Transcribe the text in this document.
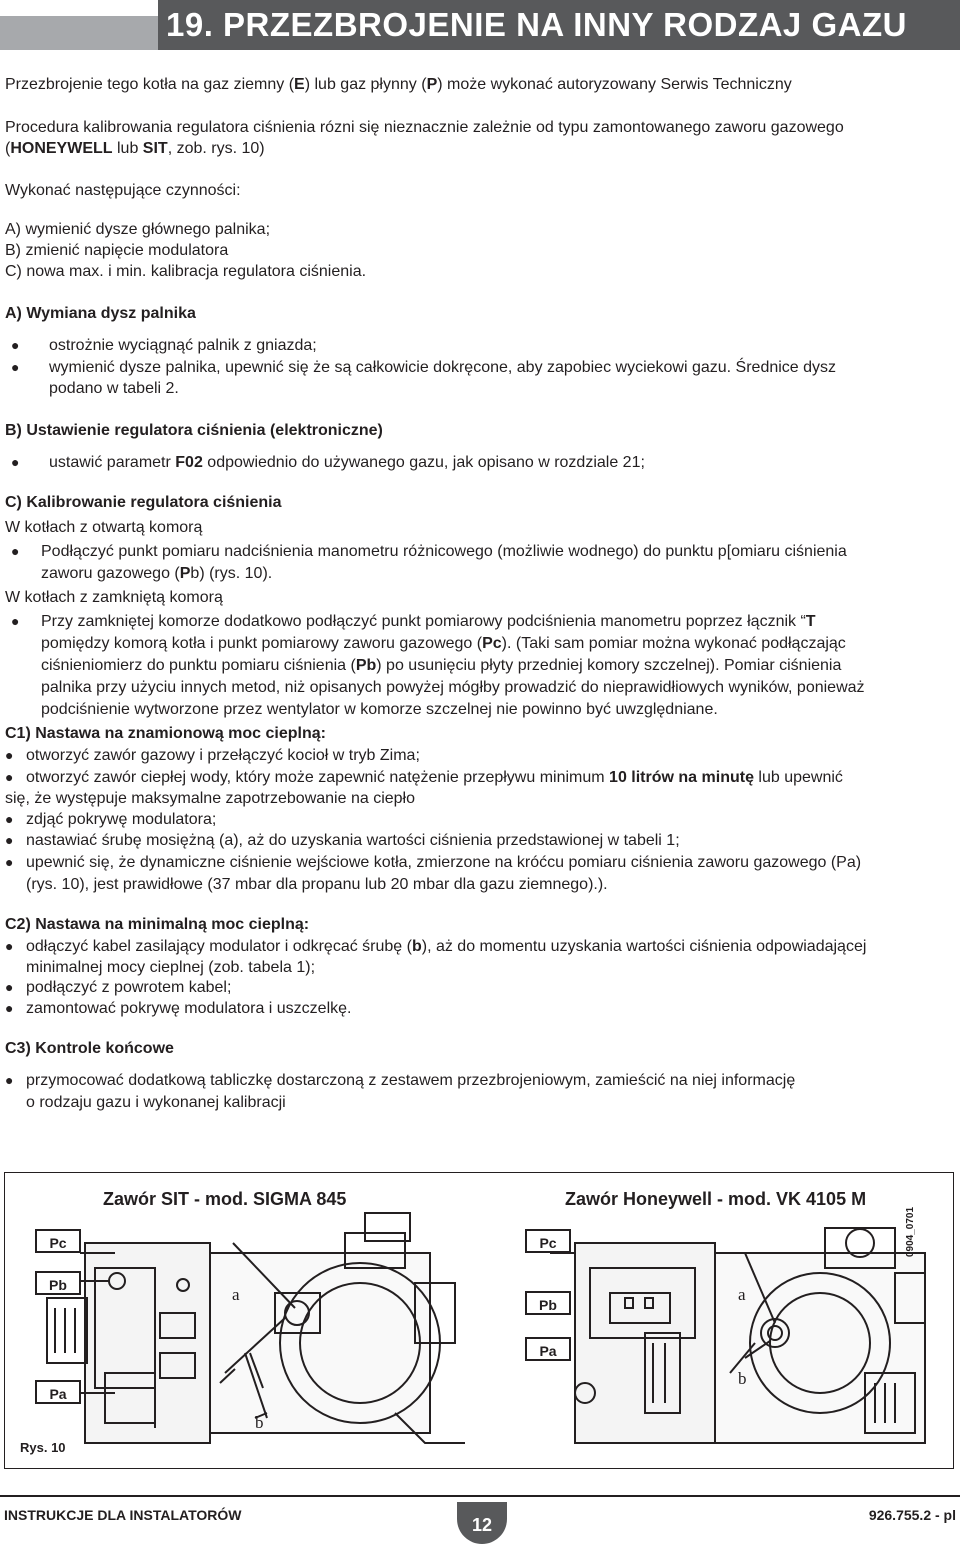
19. PRZEZBROJENIE NA INNY RODZAJ GAZU

Przezbrojenie tego kotła na gaz ziemny (E) lub gaz płynny (P) może wykonać autoryzowany Serwis Techniczny

Procedura kalibrowania regulatora ciśnienia rózni się nieznacznie zależnie od typu zamontowanego zaworu gazowego

(HONEYWELL lub SIT, zob. rys. 10)

Wykonać następujące czynności:

A) wymienić dysze głównego palnika;

B) zmienić napięcie modulatora

C) nowa max. i min. kalibracja regulatora ciśnienia.

A) Wymiana dysz palnika

● ostrożnie wyciągnąć palnik z gniazda;

● wymienić dysze palnika, upewnić się że są całkowicie dokręcone, aby zapobiec wyciekowi gazu. Średnice dysz

podano w tabeli 2.

B) Ustawienie regulatora ciśnienia (elektroniczne)

● ustawić parametr F02 odpowiednio do używanego gazu, jak opisano w rozdziale 21;

C) Kalibrowanie regulatora ciśnienia

W kotłach z otwartą komorą

● Podłączyć punkt pomiaru nadciśnienia manometru różnicowego (możliwie wodnego) do punktu p[omiaru ciśnienia

zaworu gazowego (Pb) (rys. 10).

W kotłach z zamkniętą komorą

● Przy zamkniętej komorze dodatkowo podłączyć punkt pomiarowy podciśnienia manometru poprzez łącznik “T

pomiędzy komorą kotła i punkt pomiarowy zaworu gazowego (Pc). (Taki sam pomiar można wykonać podłączając

ciśnieniomierz do punktu pomiaru ciśnienia (Pb) po usunięciu płyty przedniej komory szczelnej). Pomiar ciśnienia

palnika przy użyciu innych metod, niż opisanych powyżej mógłby prowadzić do nieprawidłiowych wyników, ponieważ

podciśnienie wytworzone przez wentylator w komorze szczelnej nie powinno być uwzględniane.

C1) Nastawa na znamionową moc cieplną:

● otworzyć zawór gazowy i przełączyć kocioł w tryb Zima;

● otworzyć zawór ciepłej wody, który może zapewnić natężenie przepływu minimum 10 litrów na minutę lub upewnić

się, że występuje maksymalne zapotrzebowanie na ciepło

● zdjąć pokrywę modulatora;

● nastawiać śrubę mosiężną (a), aż do uzyskania wartości ciśnienia przedstawionej w tabeli 1;

● upewnić się, że dynamiczne ciśnienie wejściowe kotła, zmierzone na króćcu pomiaru ciśnienia zaworu gazowego (Pa)

(rys. 10), jest prawidłowe (37 mbar dla propanu lub 20 mbar dla gazu ziemnego).).

C2) Nastawa na minimalną moc cieplną:

● odłączyć kabel zasilający modulator i odkręcać śrubę (b), aż do momentu uzyskania wartości ciśnienia odpowiadającej

minimalnej mocy cieplnej (zob. tabela 1);

● podłączyć z powrotem kabel;

● zamontować pokrywę modulatora i uszczelkę.

C3) Kontrole końcowe

● przymocować dodatkową tabliczkę dostarczoną z zestawem przezbrojeniowym, zamieścić na niej informację

o rodzaju gazu i wykonanej kalibracji

Zawór SIT - mod. SIGMA 845	Zawór Honeywell - mod. VK 4105 M
Pc
Pb
Pa
a
b
Pc
Pb
Pa
a
b
0904_0701
Rys. 10
INSTRUKCJE DLA INSTALATORÓW	12	926.755.2 - pl
